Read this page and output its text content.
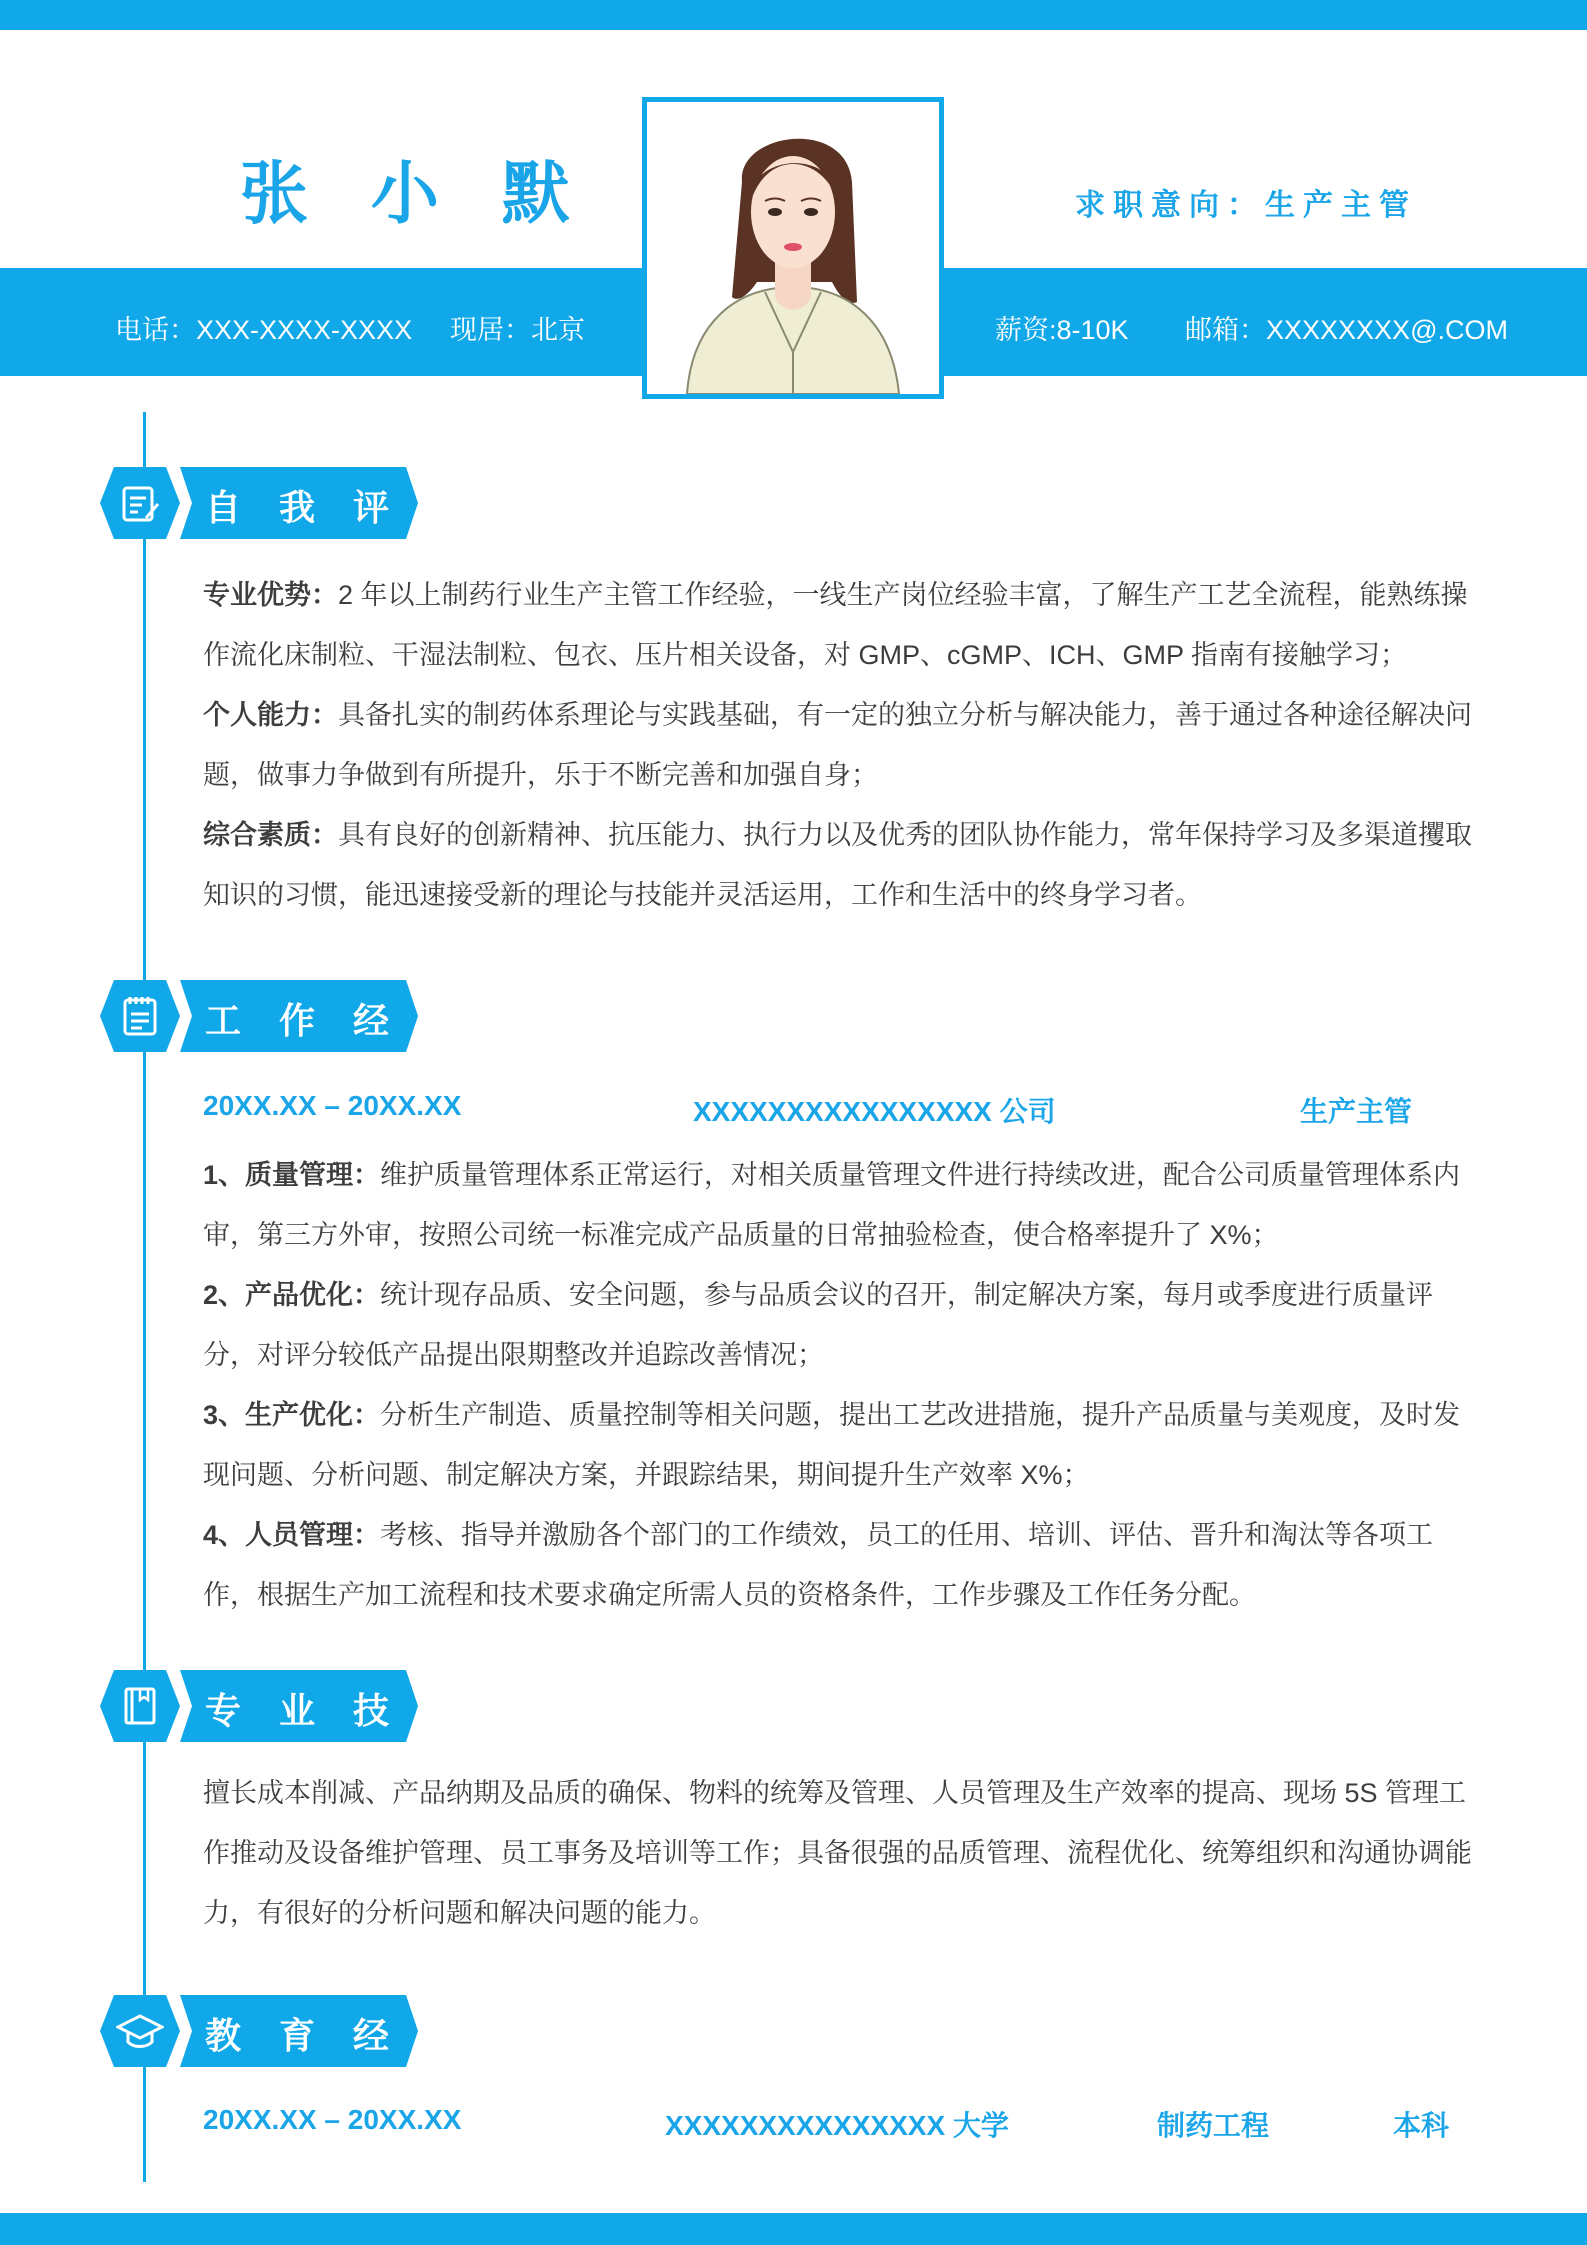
张 小 默	求职意向：生产主管
电话：XXX-XXXX-XXXX 现居：北京	薪资:8-10K 邮箱：XXXXXXXX@.COM
自 我 评 价
专业优势：2 年以上制药行业生产主管工作经验，一线生产岗位经验丰富，了解生产工艺全流程，能熟练操作流化床制粒、干湿法制粒、包衣、压片相关设备，对 GMP、cGMP、ICH、GMP 指南有接触学习；
个人能力：具备扎实的制药体系理论与实践基础，有一定的独立分析与解决能力，善于通过各种途径解决问题，做事力争做到有所提升，乐于不断完善和加强自身；
综合素质：具有良好的创新精神、抗压能力、执行力以及优秀的团队协作能力，常年保持学习及多渠道攫取知识的习惯，能迅速接受新的理论与技能并灵活运用，工作和生活中的终身学习者。
工 作 经 历
20XX.XX – 20XX.XX	XXXXXXXXXXXXXXXX 公司	生产主管
1、质量管理：维护质量管理体系正常运行，对相关质量管理文件进行持续改进，配合公司质量管理体系内审，第三方外审，按照公司统一标准完成产品质量的日常抽验检查，使合格率提升了 X%；
2、产品优化：统计现存品质、安全问题，参与品质会议的召开，制定解决方案，每月或季度进行质量评分，对评分较低产品提出限期整改并追踪改善情况；
3、生产优化：分析生产制造、质量控制等相关问题，提出工艺改进措施，提升产品质量与美观度，及时发现问题、分析问题、制定解决方案，并跟踪结果，期间提升生产效率 X%；
4、人员管理：考核、指导并激励各个部门的工作绩效，员工的任用、培训、评估、晋升和淘汰等各项工作，根据生产加工流程和技术要求确定所需人员的资格条件，工作步骤及工作任务分配。
专 业 技 能
擅长成本削减、产品纳期及品质的确保、物料的统筹及管理、人员管理及生产效率的提高、现场 5S 管理工作推动及设备维护管理、员工事务及培训等工作；具备很强的品质管理、流程优化、统筹组织和沟通协调能力，有很好的分析问题和解决问题的能力。
教 育 经 历
20XX.XX – 20XX.XX	XXXXXXXXXXXXXXX 大学	制药工程	本科
